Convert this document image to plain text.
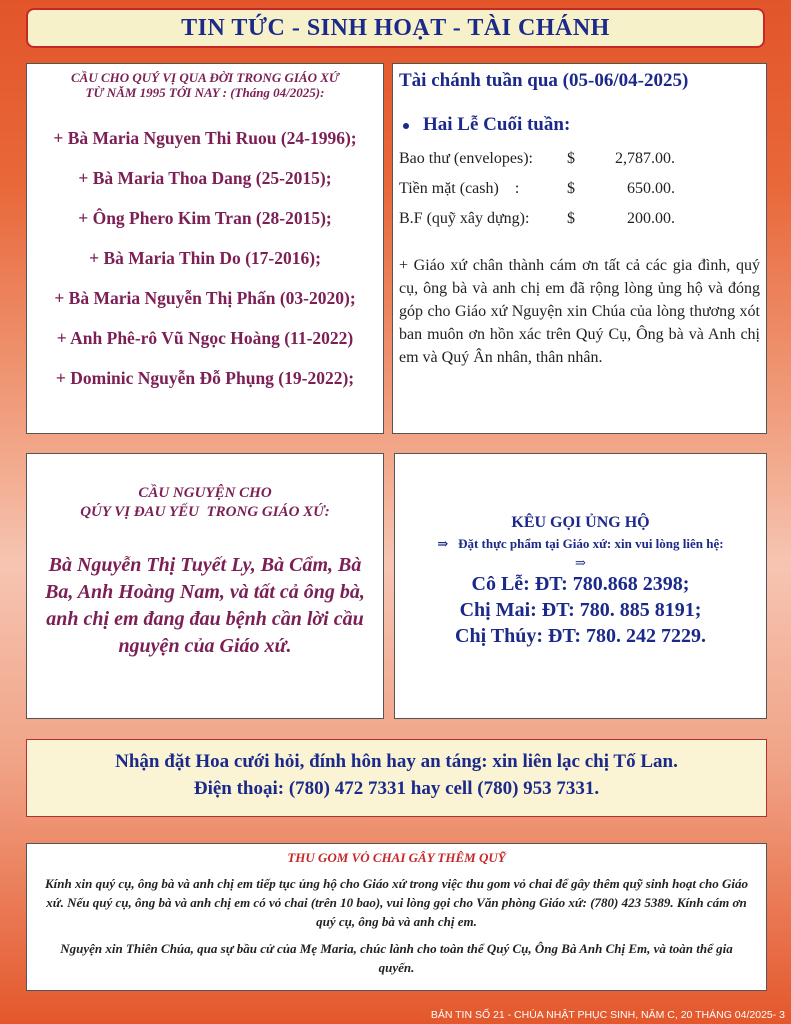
TIN TỨC - SINH HOẠT - TÀI CHÁNH
CẦU CHO QUÝ VỊ QUA ĐỜI TRONG GIÁO XỨ
TỪ NĂM 1995 TỚI NAY : (Tháng 04/2025):
+ Bà Maria Nguyen Thi Ruou (24-1996);
+ Bà Maria Thoa Dang (25-2015);
+ Ông Phero Kim Tran (28-2015);
+ Bà Maria Thin Do (17-2016);
+ Bà Maria Nguyễn Thị Phấn (03-2020);
+ Anh Phê-rô Vũ Ngọc Hoàng (11-2022)
+ Dominic Nguyễn Đỗ Phụng (19-2022);
Tài chánh tuần qua (05-06/04-2025)
Hai Lễ Cuối tuần:
Bao thư (envelopes): $	2,787.00.
Tiền mặt (cash)    :	$	650.00.
B.F (quỹ xây dựng): $	200.00.
+ Giáo xứ chân thành cám ơn tất cả các gia đình, quý cụ, ông bà và anh chị em đã rộng lòng ủng hộ và đóng góp cho Giáo xứ Nguyện xin Chúa của lòng thương xót ban muôn ơn hồn xác trên Quý Cụ, Ông bà và Anh chị em và Quý Ân nhân, thân nhân.
CẦU NGUYỆN CHO
QÚY VỊ ĐAU YẾU  TRONG GIÁO XỨ:
Bà Nguyễn Thị Tuyết Ly, Bà Cẩm, Bà Ba, Anh Hoàng Nam, và tất cả ông bà, anh chị em đang đau bệnh cần lời cầu nguyện của Giáo xứ.
KÊU GỌI ỦNG HỘ
⇒ Đặt thực phẩm tại Giáo xứ: xin vui lòng liên hệ:
⇒
Cô Lễ: ĐT: 780.868 2398;
Chị Mai: ĐT: 780. 885 8191;
Chị Thúy: ĐT: 780. 242 7229.
Nhận đặt Hoa cưới hỏi, đính hôn hay an táng: xin liên lạc chị Tố Lan.
Điện thoại: (780) 472 7331 hay cell (780) 953 7331.
THU GOM VỎ CHAI GÂY THÊM QUỸ
Kính xin quý cụ, ông bà và anh chị em tiếp tục ủng hộ cho Giáo xứ trong việc thu gom vỏ chai để gây thêm quỹ sinh hoạt cho Giáo xứ. Nếu quý cụ, ông bà và anh chị em có vỏ chai (trên 10 bao), vui lòng gọi cho Văn phòng Giáo xứ: (780) 423 5389. Kính cám ơn quý cụ, ông bà và anh chị em.
Nguyện xin Thiên Chúa, qua sự bầu cử của Mẹ Maria, chúc lành cho toàn thể Quý Cụ, Ông Bà Anh Chị Em, và toàn thể gia quyến.
BẢN TIN SỐ 21 - CHÚA NHẬT PHỤC SINH, NĂM C, 20 THÁNG 04/2025- 3
